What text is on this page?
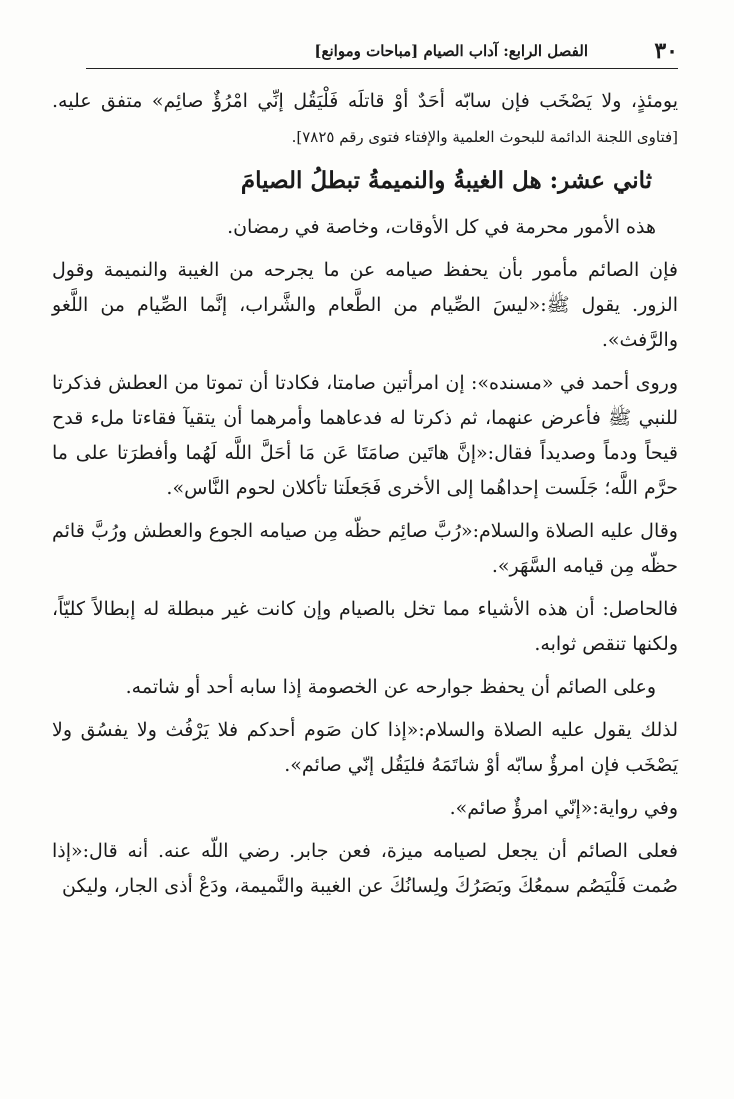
٣٠
الفصل الرابع: آداب الصيام [مباحات وموانع]

يومئذٍ، ولا يَصْخَب فإن سابّه أحَدٌ أوْ قاتلَه فَلْيَقُل إنِّي امْرُؤٌ صائِم» متفق عليه. [فتاوى اللجنة الدائمة للبحوث العلمية والإفتاء فتوى رقم ٧٨٢٥].

ثاني عشر: هل الغيبةُ والنميمةُ تبطلُ الصيامَ

هذه الأمور محرمة في كل الأوقات، وخاصة في رمضان.

فإن الصائم مأمور بأن يحفظ صيامه عن ما يجرحه من الغيبة والنميمة وقول الزور. يقول ﷺ:«ليسَ الصِّيام من الطَّعام والشَّراب، إنَّما الصِّيام من اللَّغو والرَّفث».

وروى أحمد في «مسنده»: إن امرأتين صامتا، فكادتا أن تموتا من العطش فذكرتا للنبي ﷺ فأعرض عنهما، ثم ذكرتا له فدعاهما وأمرهما أن يتقيآ فقاءتا ملء قدح قيحاً ودماً وصديداً فقال:«إنَّ هاتَين صامَتَا عَن مَا أحَلَّ اللَّه لَهُما وأفطرَتا على ما حرَّم اللَّه؛ جَلَست إحداهُما إلى الأخرى فَجَعلَتا تأكلان لحوم النَّاس».

وقال عليه الصلاة والسلام:«رُبَّ صائِم حظّه مِن صيامه الجوع والعطش ورُبَّ قائم حظّه مِن قيامه السَّهَر».

فالحاصل: أن هذه الأشياء مما تخل بالصيام وإن كانت غير مبطلة له إبطالاً كليّاً، ولكنها تنقص ثوابه.

وعلى الصائم أن يحفظ جوارحه عن الخصومة إذا سابه أحد أو شاتمه.

لذلك يقول عليه الصلاة والسلام:«إذا كان صَوم أحدكم فلا يَرْفُث ولا يفسُق ولا يَصْخَب فإن امرؤٌ سابّه أوْ شاتَمَهُ فليَقُل إنّي صائم».

وفي رواية:«إنّي امرؤٌ صائم».

فعلى الصائم أن يجعل لصيامه ميزة، فعن جابر. رضي اللّه عنه. أنه قال:«إذا صُمت فَلْيَصُم سمعُكَ وبَصَرُكَ ولِسانُكَ عن الغيبة والنَّميمة، ودَعْ أذى الجار، وليكن
